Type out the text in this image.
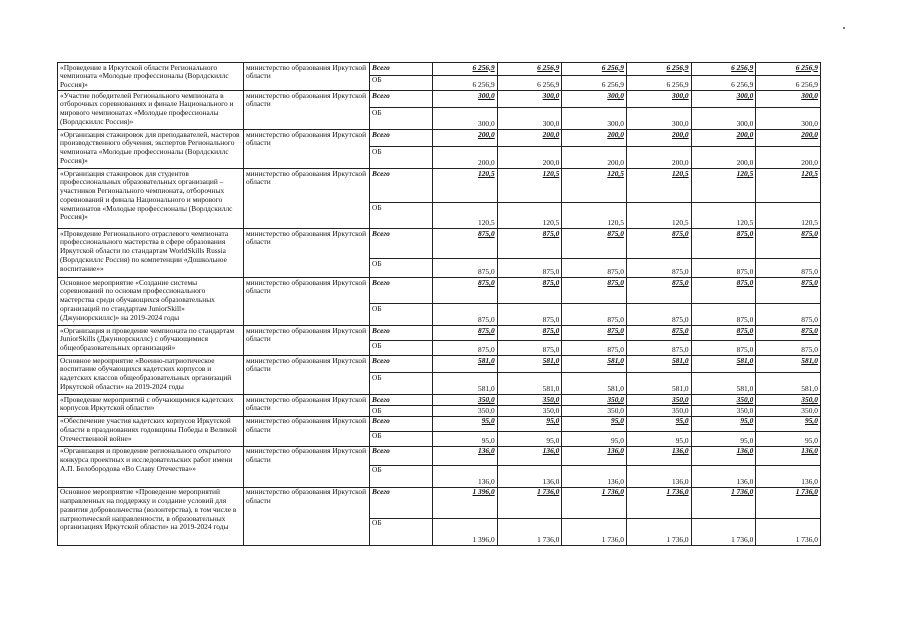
«Проведение в Иркутской области Регионального чемпионата «Молодые профессионалы (Ворлдскиллс Россия)»	министерство образования Иркутской области	Всего	6 256,9	6 256,9	6 256,9	6 256,9	6 256,9	6 256,9
		ОБ	6 256,9	6 256,9	6 256,9	6 256,9	6 256,9	6 256,9
«Участие победителей Регионального чемпионата в отборочных соревнованиях и финале Национального и мирового чемпионатах «Молодые профессионалы (Ворлдскиллс Россия)»	министерство образования Иркутской области	Всего	300,0	300,0	300,0	300,0	300,0	300,0
		ОБ	300,0	300,0	300,0	300,0	300,0	300,0
«Организация стажировок для преподавателей, мастеров производственного обучения, экспертов Регионального чемпионата «Молодые профессионалы (Ворлдскиллс Россия)»	министерство образования Иркутской области	Всего	200,0	200,0	200,0	200,0	200,0	200,0
		ОБ	200,0	200,0	200,0	200,0	200,0	200,0
«Организация стажировок для студентов профессиональных образовательных организаций – участников Регионального чемпионата, отборочных соревнований и финала Национального и мирового чемпионатов «Молодые профессионалы (Ворлдскиллс Россия)»	министерство образования Иркутской области	Всего	120,5	120,5	120,5	120,5	120,5	120,5
		ОБ	120,5	120,5	120,5	120,5	120,5	120,5
«Проведение Регионального отраслевого чемпионата профессионального мастерства в сфере образования Иркутской области по стандартам WorldSkills Russia (Ворлдскиллс Россия) по компетенции «Дошкольное воспитание»»	министерство образования Иркутской области	Всего	875,0	875,0	875,0	875,0	875,0	875,0
		ОБ	875,0	875,0	875,0	875,0	875,0	875,0
Основное мероприятие «Создание системы соревнований по основам профессионального мастерства среди обучающихся образовательных организаций по стандартам JuniorSkill» (Джуниорскиллс)» на 2019-2024 годы	министерство образования Иркутской области	Всего	875,0	875,0	875,0	875,0	875,0	875,0
		ОБ	875,0	875,0	875,0	875,0	875,0	875,0
«Организация и проведение чемпионата по стандартам JuniorSkills (Джуниорскиллс) с обучающимися общеобразовательных организаций»	министерство образования Иркутской области	Всего	875,0	875,0	875,0	875,0	875,0	875,0
		ОБ	875,0	875,0	875,0	875,0	875,0	875,0
Основное мероприятие «Военно-патриотическое воспитание обучающихся кадетских корпусов и кадетских классов общеобразовательных организаций Иркутской области» на 2019-2024 годы	министерство образования Иркутской области	Всего	581,0	581,0	581,0	581,0	581,0	581,0
		ОБ	581,0	581,0	581,0	581,0	581,0	581,0
«Проведение мероприятий с обучающимися кадетских корпусов Иркутской области»	министерство образования Иркутской области	Всего	350,0	350,0	350,0	350,0	350,0	350,0
		ОБ	350,0	350,0	350,0	350,0	350,0	350,0
«Обеспечение участия кадетских корпусов Иркутской области в празднованиях годовщины Победы в Великой Отечественной войне»	министерство образования Иркутской области	Всего	95,0	95,0	95,0	95,0	95,0	95,0
		ОБ	95,0	95,0	95,0	95,0	95,0	95,0
«Организация и проведение регионального открытого конкурса проектных и исследовательских работ имени А.П. Белобородова «Во Славу Отечества»»	министерство образования Иркутской области	Всего	136,0	136,0	136,0	136,0	136,0	136,0
		ОБ	136,0	136,0	136,0	136,0	136,0	136,0
Основное мероприятие «Проведение мероприятий направленных на поддержку и создание условий для развития добровольчества (волонтерства), в том числе в патриотической направленности, в образовательных организациях Иркутской области» на 2019-2024 годы	министерство образования Иркутской области	Всего	1 396,0	1 736,0	1 736,0	1 736,0	1 736,0	1 736,0
		ОБ	1 396,0	1 736,0	1 736,0	1 736,0	1 736,0	1 736,0
